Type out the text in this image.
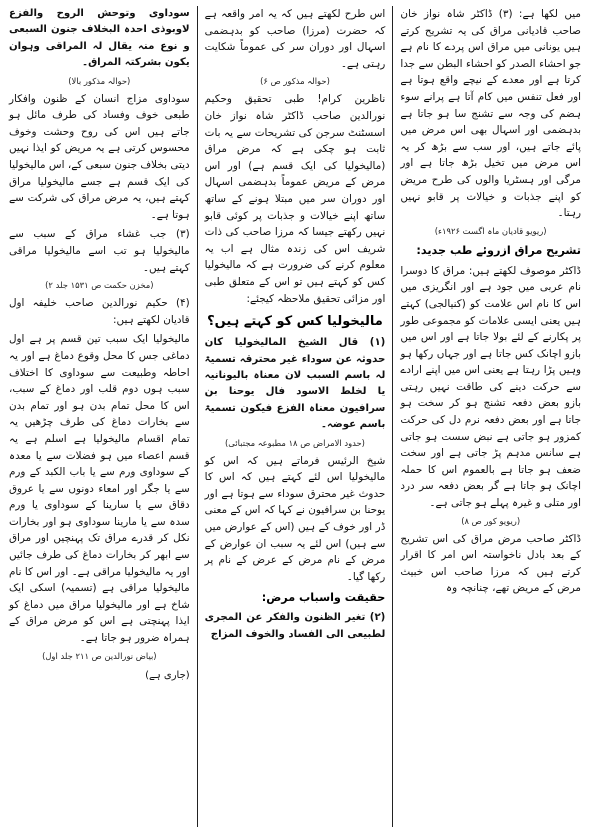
میں لکھا ہے: (۳) ڈاکٹر شاہ نواز خان صاحب قادیانی مراق کی یہ تشریح کرتے ہیں یونانی میں مراق اس پردے کا نام ہے جو احشاء الصدر کو احشاء البطن سے جدا کرتا ہے اور معدے کے نیچے واقع ہوتا ہے اور فعل تنفس میں کام آتا ہے پرانے سوء ہضم کی وجہ سے تشنج سا ہو جاتا ہے بدہضمی اور اسہال بھی اس مرض میں پائے جاتے ہیں، اور سب سے بڑھ کر یہ اس مرض میں تخیل بڑھ جاتا ہے اور مرگی اور ہسٹریا والوں کی طرح مریض کو اپنے جذبات و خیالات پر قابو نہیں رہتا۔

(ریویو قادیان ماہ اگست ۱۹۲۶ء)

تشریح مراق ازروئے طب جدید:

ڈاکٹر موصوف لکھتے ہیں: مراق کا دوسرا نام عربی میں جود ہے اور انگریزی میں اس کا نام اس علامت کو (کنیالجی) کہتے ہیں یعنی ایسی علامات کو مجموعی طور پر پکارنے کے لئے بولا جاتا ہے اور اس میں بازو اچانک کس جاتا ہے اور جہاں رکھا ہو وہیں پڑا رہتا ہے یعنی اس میں اپنے ارادے سے حرکت دینے کی طاقت نہیں رہتی بازو بعض دفعہ تشنج ہو کر سخت ہو جاتا ہے اور بعض دفعہ نرم دل کی حرکت کمزور ہو جاتی ہے نبض سست ہو جاتی ہے سانس مدہم پڑ جاتی ہے اور سخت ضعف ہو جاتا ہے بالعموم اس کا حملہ اچانک ہو جاتا ہے گر بعض دفعہ سر درد اور متلی و غیرہ پہلے ہو جاتی ہے۔

(ریویو کور ص ۸)

ڈاکٹر صاحب مرض مراق کی اس تشریح کے بعد بادل ناخواستہ اس امر کا اقرار کرتے ہیں کہ مرزا صاحب اس خبیث مرض کے مریض تھے، چنانچہ وہ

اس طرح لکھتے ہیں کہ یہ امر واقعہ ہے کہ حضرت (مرزا) صاحب کو بدہضمی اسہال اور دوران سر کی عموماً شکایت رہتی ہے۔

(حوالہ مذکور ص ۶)

ناظرین کرام! طبی تحقیق وحکیم نورالدین صاحب ڈاکٹر شاہ نواز خان اسسٹنٹ سرجن کی تشریحات سے یہ بات ثابت ہو چکی ہے کہ مرض مراق (مالیخولیا کی ایک قسم ہے) اور اس مرض کے مریض عموماً بدہضمی اسہال اور دوران سر میں مبتلا ہونے کے ساتھ ساتھ اپنے خیالات و جذبات پر کوئی قابو نہیں رکھتے جیسا کہ مرزا صاحب کی ذات شریف اس کی زندہ مثال ہے اب یہ معلوم کرنے کی ضرورت ہے کہ مالیخولیا کس کو کہتے ہیں تو اس کے متعلق طبی اور مزائی تحقیق ملاحظہ کیجئے:

مالیخولیا کس کو کہتے ہیں؟

(۱) قال الشیخ المالیخولیا کان حدوثہ عن سوداء غیر محترقہ تسمیۃ لہ باسم السبب لان معناہ بالیونانیہ یا لخلط الاسود فال یوحنا بن سرافیون معناہ الفزع فیکون تسمیۃ باسم عوضہ۔

(حدود الامراض ص ۱۸ مطبوعہ مجتبائی)

شیخ الرئیس فرماتے ہیں کہ اس کو مالیخولیا اس لئے کہتے ہیں کہ اس کا حدوث غیر محترق سوداء سے ہوتا ہے اور یوحنا بن سرافیون نے کہا کہ اس کے معنی ڈر اور خوف کے ہیں (اس کے عوارض میں سے ہیں) اس لئے یہ سبب ان عوارض کے مرض کے نام مرض کے عرض کے نام پر رکھا گیا۔

حقیقت واسباب مرض:

(۲) تغیر الظنون والفکر عن المجری لطبیعی الی الفساد والخوف المزاج

سوداوی وتوحش الروح والفزع لاوبوذی احدہ البخلاف جنون السبعی و نوع منہ یقال لہ المراقی وہوان یکون بشرکتہ المراق۔

(حوالہ مذکور بالا)

سوداوی مزاج انسان کے ظنون وافکار طبعی خوف وفساد کی طرف مائل ہو جاتے ہیں اس کی روح وحشت وخوف محسوس کرتی ہے یہ مریض کو ایذا نہیں دیتی بخلاف جنون سبعی کے، اس مالیخولیا کی ایک قسم ہے جسے مالیخولیا مراق کہتے ہیں، یہ مرض مراق کی شرکت سے ہوتا ہے۔

(۳) جب غشاء مراق کے سبب سے مالیخولیا ہو تب اسے مالیخولیا مراقی کہتے ہیں۔

(مخزن حکمت ص ۱۵۳۱ جلد ۲)

(۴) حکیم نورالدین صاحب خلیفہ اول قادیان لکھتے ہیں:

مالیخولیا ایک سبب تین قسم پر ہے اول دماغی جس کا محل وقوع دماغ ہے اور یہ احاطہ وطبیعت سے سوداوی کا اختلاف سبب ہوں دوم قلب اور دماغ کے سبب، اس کا محل تمام بدن ہو اور تمام بدن سے بخارات دماغ کی طرف چڑھیں یہ تمام اقسام مالیخولیا ہے اسلم ہے یہ قسم اعصاء میں ہو فضلات سے یا معدہ کے سوداوی ورم سے یا باب الکبد کے ورم سے یا جگر اور امعاء دونوں سے یا عروق دقاق سے یا سارینا کے سوداوی یا ورم سدہ سے یا مارینا سوداوی ہو اور بخارات نکل کر قدرے مراق تک پہنچیں اور مراق سے ابھر کر بخارات دماغ کی طرف جائیں اور یہ مالیخولیا مراقی ہے۔ اور اس کا نام مالیخولیا مراقی ہے (تسمیہ) اسکی ایک شاخ ہے اور مالیخولیا مراق میں دماغ کو ایذا پہنچتی ہے اس کو مرض مراق کے ہمراہ ضرور ہو جاتا ہے۔

(بیاض نورالدین ص ۲۱۱ جلد اول)

(جاری ہے)
